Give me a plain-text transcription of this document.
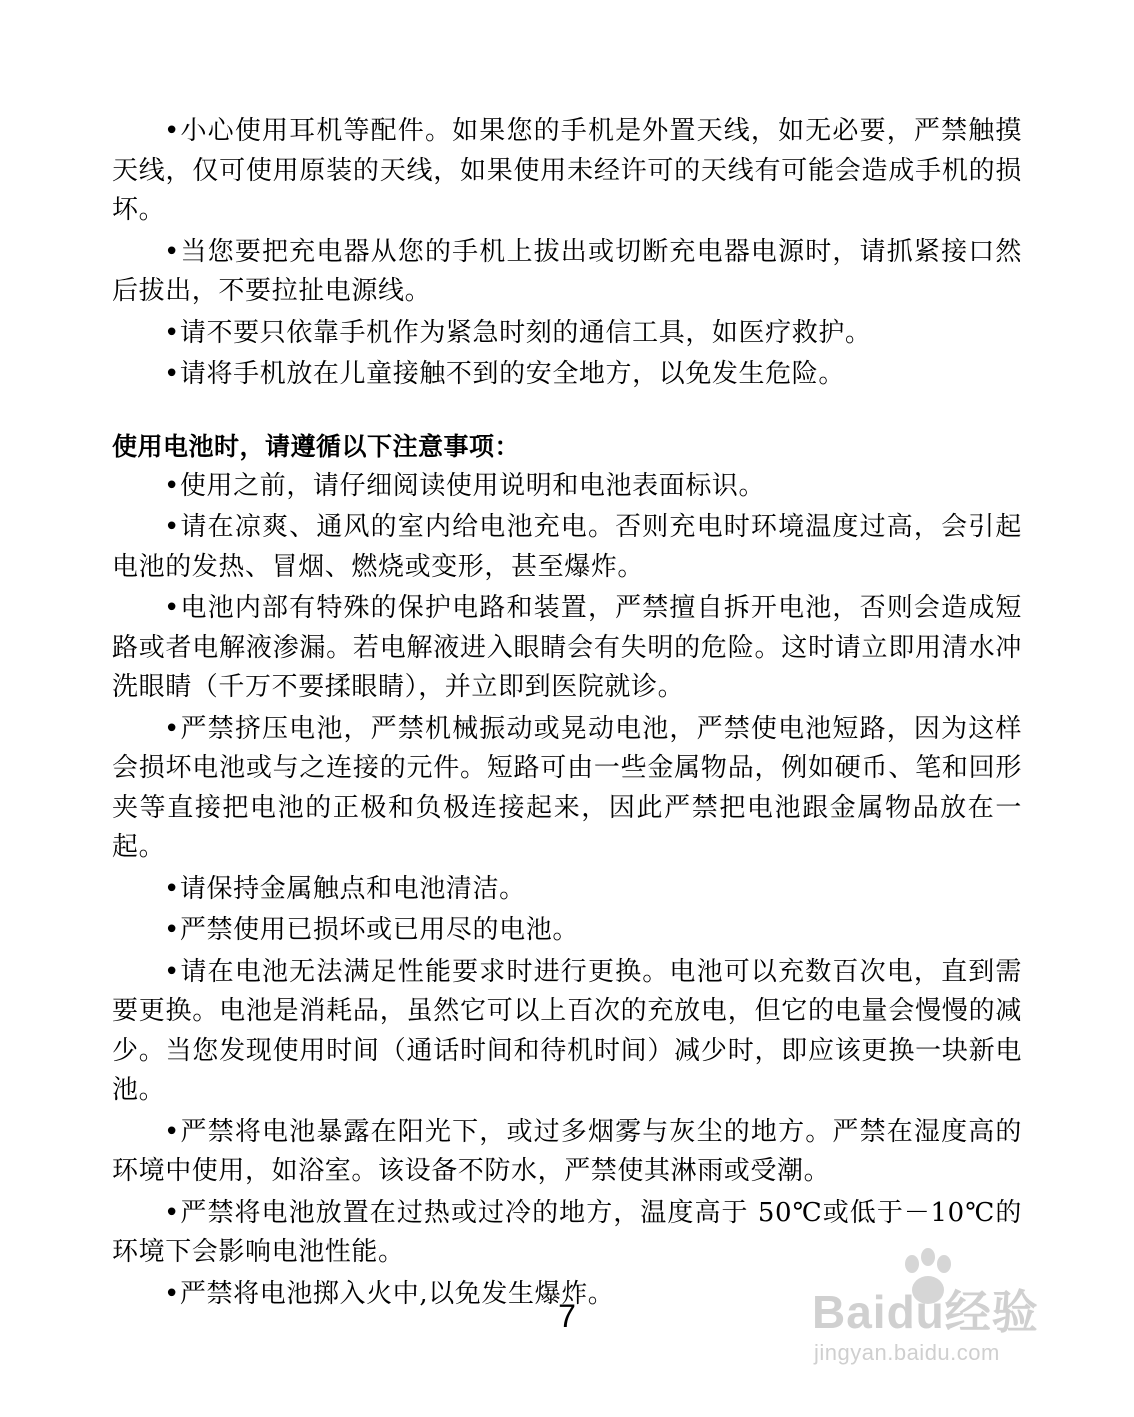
•小心使用耳机等配件。如果您的手机是外置天线，如无必要，严禁触摸天线，仅可使用原装的天线，如果使用未经许可的天线有可能会造成手机的损坏。

•当您要把充电器从您的手机上拔出或切断充电器电源时，请抓紧接口然后拔出，不要拉扯电源线。

•请不要只依靠手机作为紧急时刻的通信工具，如医疗救护。

•请将手机放在儿童接触不到的安全地方，以免发生危险。

使用电池时，请遵循以下注意事项：

•使用之前，请仔细阅读使用说明和电池表面标识。

•请在凉爽、通风的室内给电池充电。否则充电时环境温度过高，会引起电池的发热、冒烟、燃烧或变形，甚至爆炸。

•电池内部有特殊的保护电路和装置，严禁擅自拆开电池，否则会造成短路或者电解液渗漏。若电解液进入眼睛会有失明的危险。这时请立即用清水冲洗眼睛（千万不要揉眼睛），并立即到医院就诊。

•严禁挤压电池，严禁机械振动或晃动电池，严禁使电池短路，因为这样会损坏电池或与之连接的元件。短路可由一些金属物品，例如硬币、笔和回形夹等直接把电池的正极和负极连接起来，因此严禁把电池跟金属物品放在一起。

•请保持金属触点和电池清洁。

•严禁使用已损坏或已用尽的电池。

•请在电池无法满足性能要求时进行更换。电池可以充数百次电，直到需要更换。电池是消耗品，虽然它可以上百次的充放电，但它的电量会慢慢的减少。当您发现使用时间（通话时间和待机时间）减少时，即应该更换一块新电池。

•严禁将电池暴露在阳光下，或过多烟雾与灰尘的地方。严禁在湿度高的环境中使用，如浴室。该设备不防水，严禁使其淋雨或受潮。

•严禁将电池放置在过热或过冷的地方，温度高于 50℃或低于－10℃的环境下会影响电池性能。

•严禁将电池掷入火中,以免发生爆炸。

7	Baidu经验
jingyan.baidu.com
